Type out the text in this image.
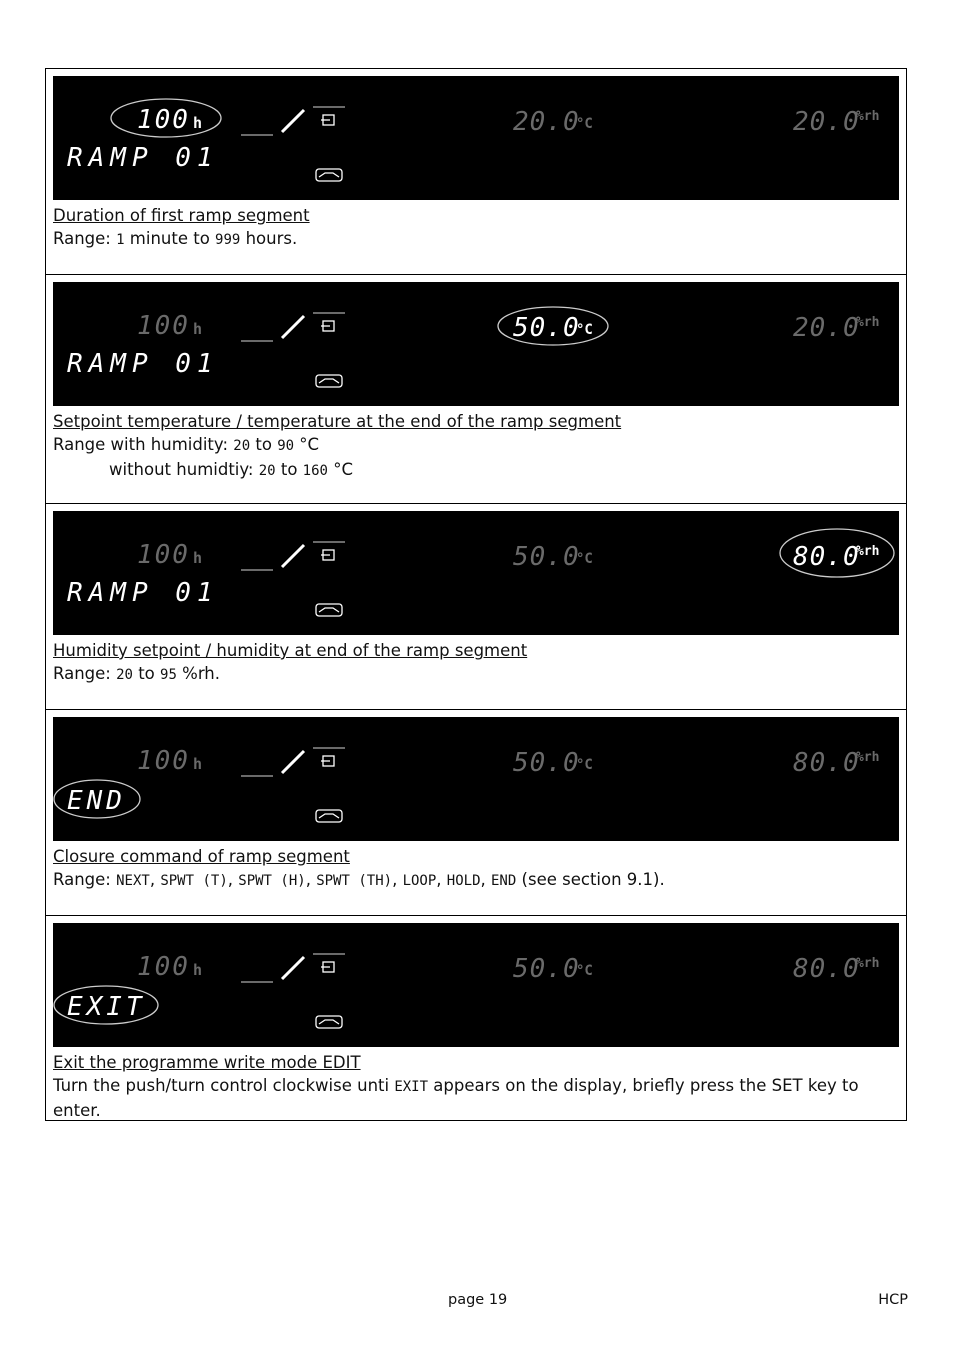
100 h	20.0
°C	20.0
%rh
RAMP 01
Duration of first ramp segment
Range: 1 minute to 999 hours.
100 h	50.0
°C	20.0
%rh
RAMP 01
Setpoint temperature / temperature at the end of the ramp segment
Range with humidity: 20 to 90 °C
without humidtiy: 20 to 160 °C
100 h	50.0
°C	80.0
%rh
RAMP 01
Humidity setpoint / humidity at end of the ramp segment
Range: 20 to 95 %rh.
100 h	50.0
°C	80.0
%rh
END
Closure command of ramp segment
Range: NEXT, SPWT (T), SPWT (H), SPWT (TH), LOOP, HOLD, END (see section 9.1).
100 h	50.0
°C	80.0
%rh
EXIT
Exit the programme write mode EDIT
Turn the push/turn control clockwise unti EXIT appears on the display, briefly press the SET key to enter.
page 19	HCP
